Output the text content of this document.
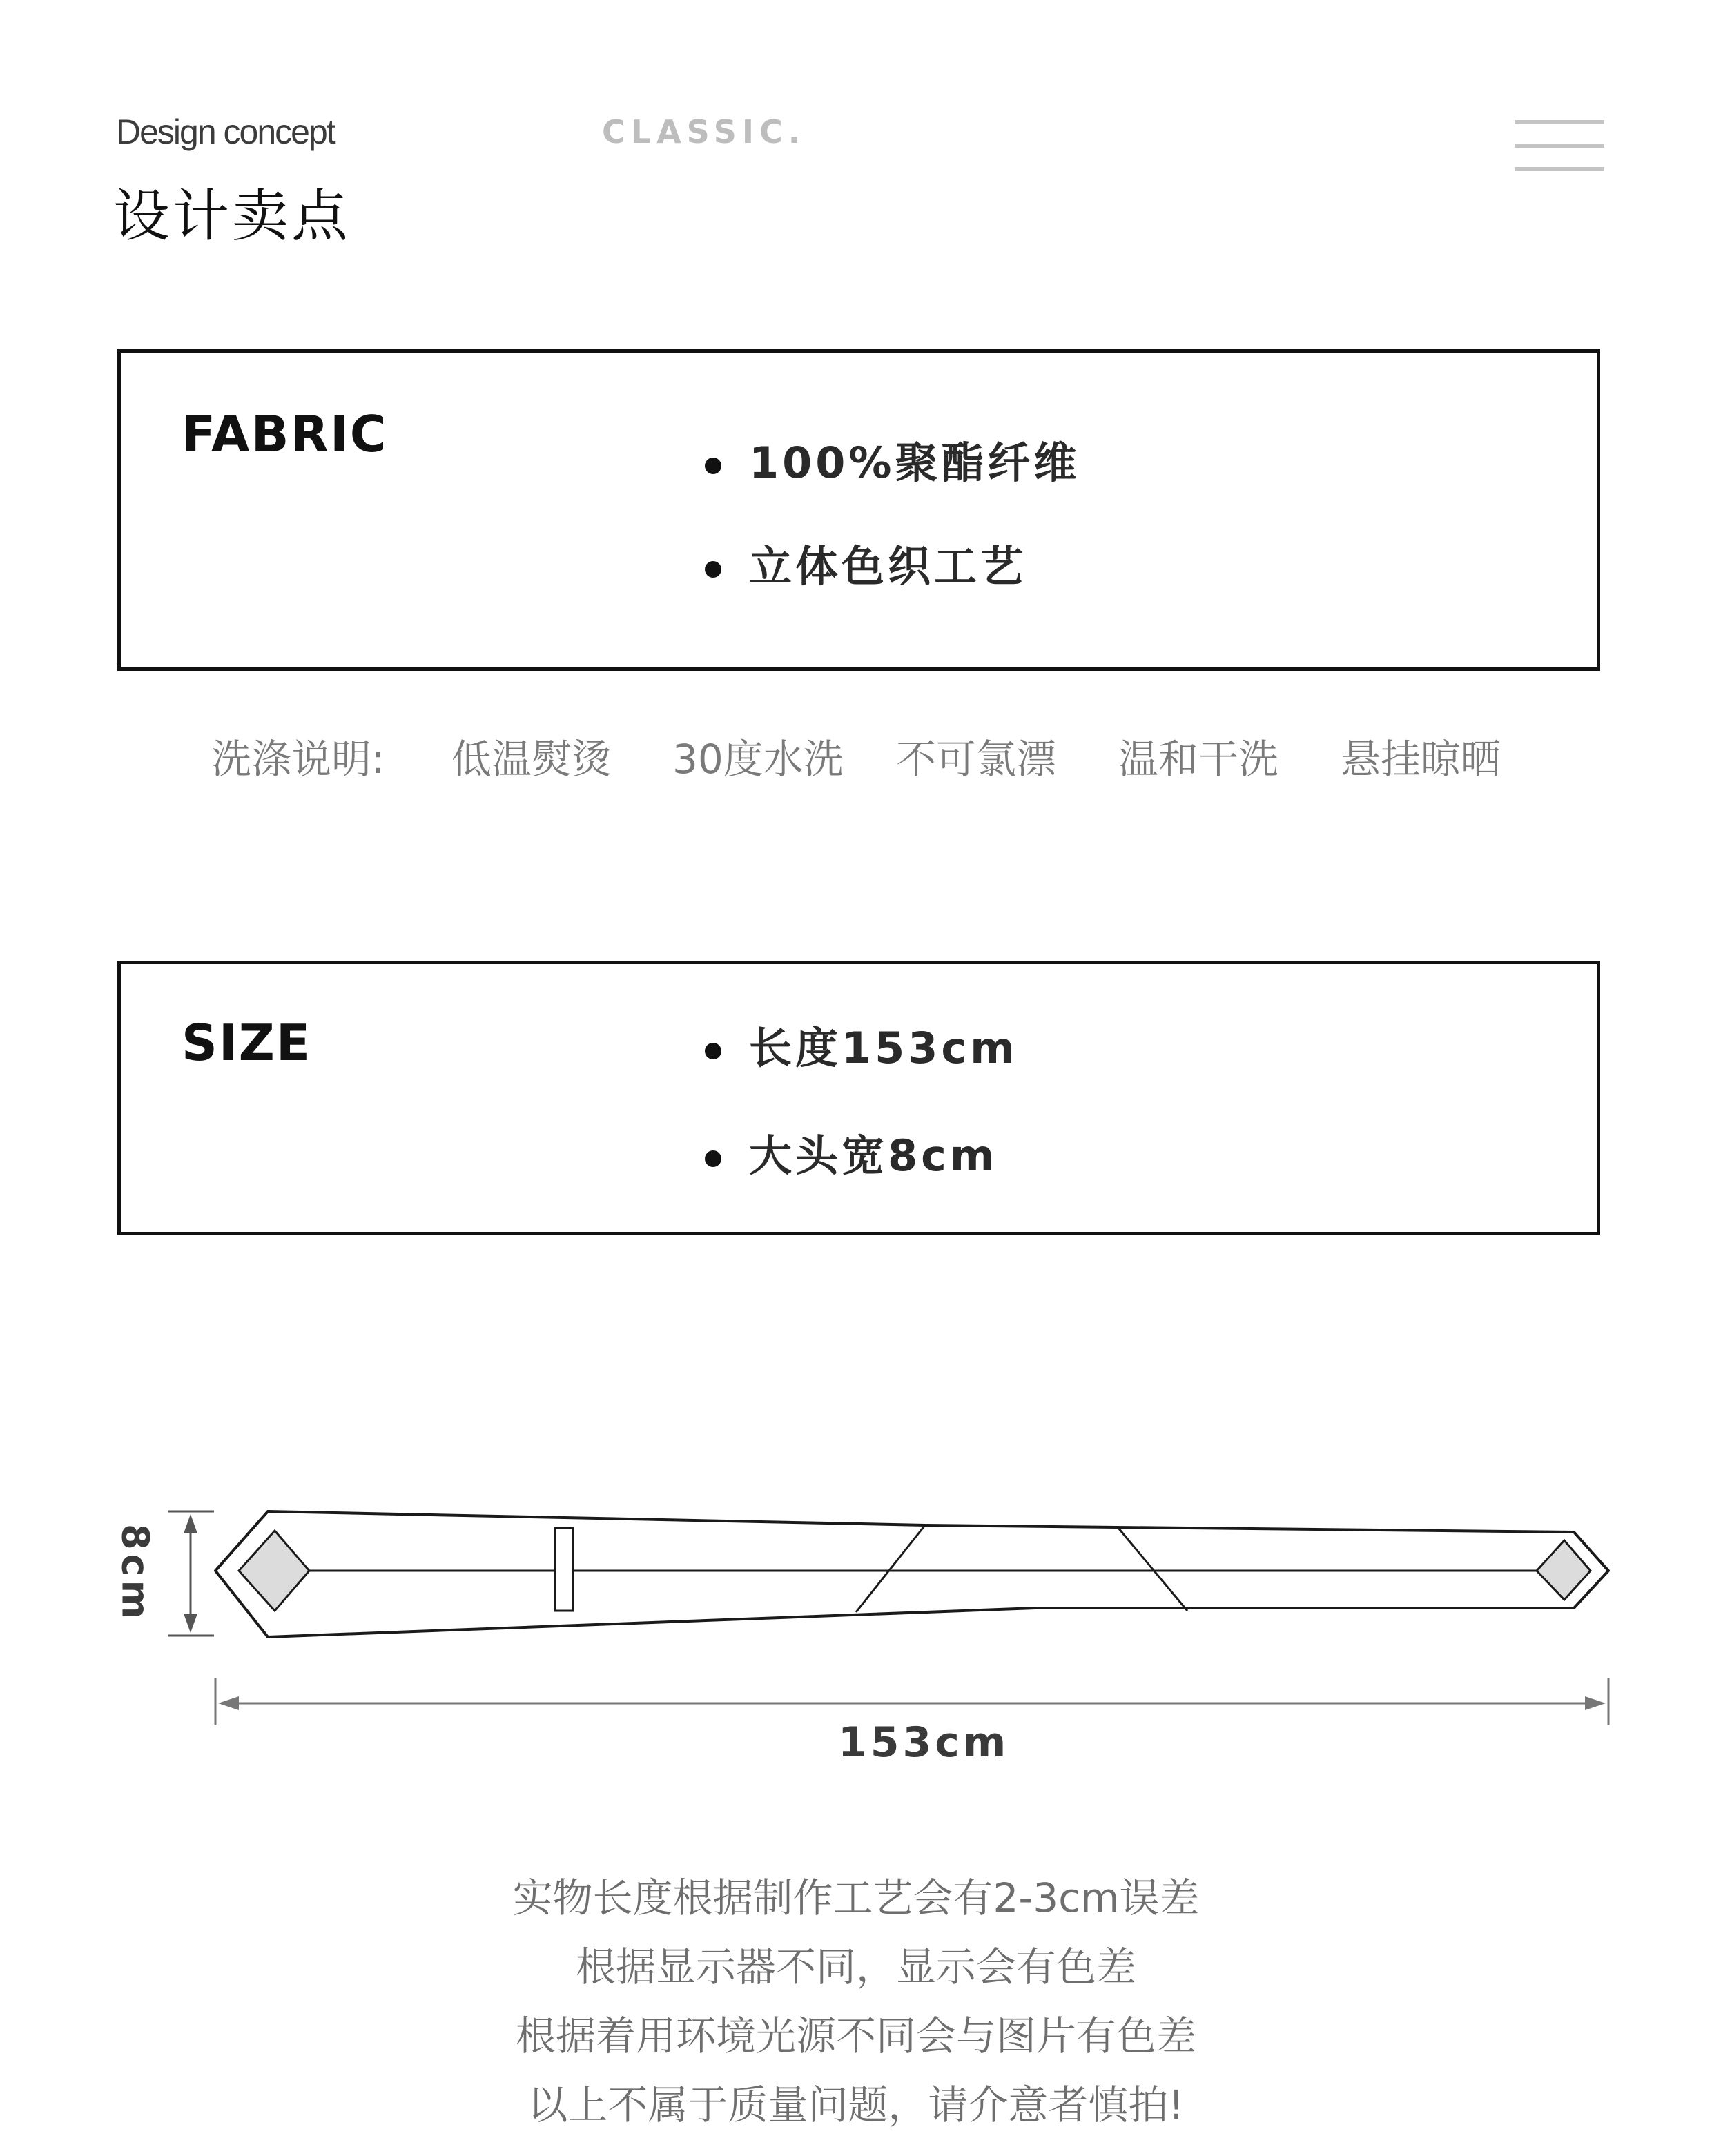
Design concept
设计卖点
CLASSIC.
FABRIC	100%聚酯纤维
立体色织工艺
洗涤说明: 低温熨烫 30度水洗 不可氯漂 温和干洗 悬挂晾晒
SIZE	长度153cm
大头宽8cm
8cm
153cm
实物长度根据制作工艺会有2-3cm误差
根据显示器不同，显示会有色差
根据着用环境光源不同会与图片有色差
以上不属于质量问题，请介意者慎拍!
